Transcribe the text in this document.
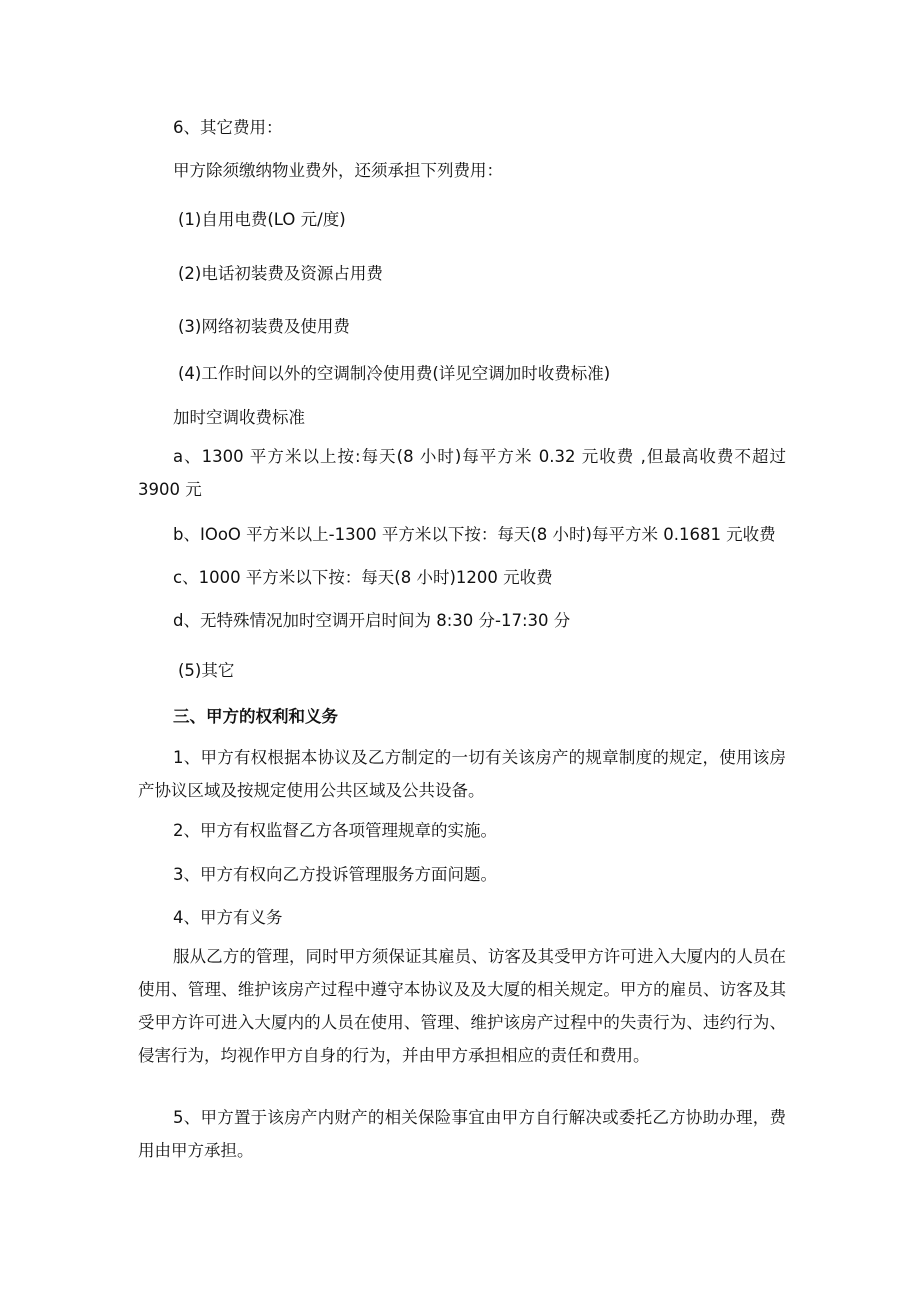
6、其它费用：
甲方除须缴纳物业费外，还须承担下列费用：
(1)自用电费(LO 元/度)
(2)电话初装费及资源占用费
(3)网络初装费及使用费
(4)工作时间以外的空调制冷使用费(详见空调加时收费标准)
加时空调收费标准
a、1300 平方米以上按:每天(8 小时)每平方米 0.32 元收费 ,但最高收费不超过 3900 元
b、IOoO 平方米以上-1300 平方米以下按：每天(8 小时)每平方米 0.1681 元收费
c、1000 平方米以下按：每天(8 小时)1200 元收费
d、无特殊情况加时空调开启时间为 8:30 分-17:30 分
(5)其它
三、甲方的权利和义务
1、甲方有权根据本协议及乙方制定的一切有关该房产的规章制度的规定，使用该房产协议区域及按规定使用公共区域及公共设备。
2、甲方有权监督乙方各项管理规章的实施。
3、甲方有权向乙方投诉管理服务方面问题。
4、甲方有义务
服从乙方的管理，同时甲方须保证其雇员、访客及其受甲方许可进入大厦内的人员在使用、管理、维护该房产过程中遵守本协议及及大厦的相关规定。甲方的雇员、访客及其受甲方许可进入大厦内的人员在使用、管理、维护该房产过程中的失责行为、违约行为、侵害行为，均视作甲方自身的行为，并由甲方承担相应的责任和费用。
5、甲方置于该房产内财产的相关保险事宜由甲方自行解决或委托乙方协助办理，费用由甲方承担。
